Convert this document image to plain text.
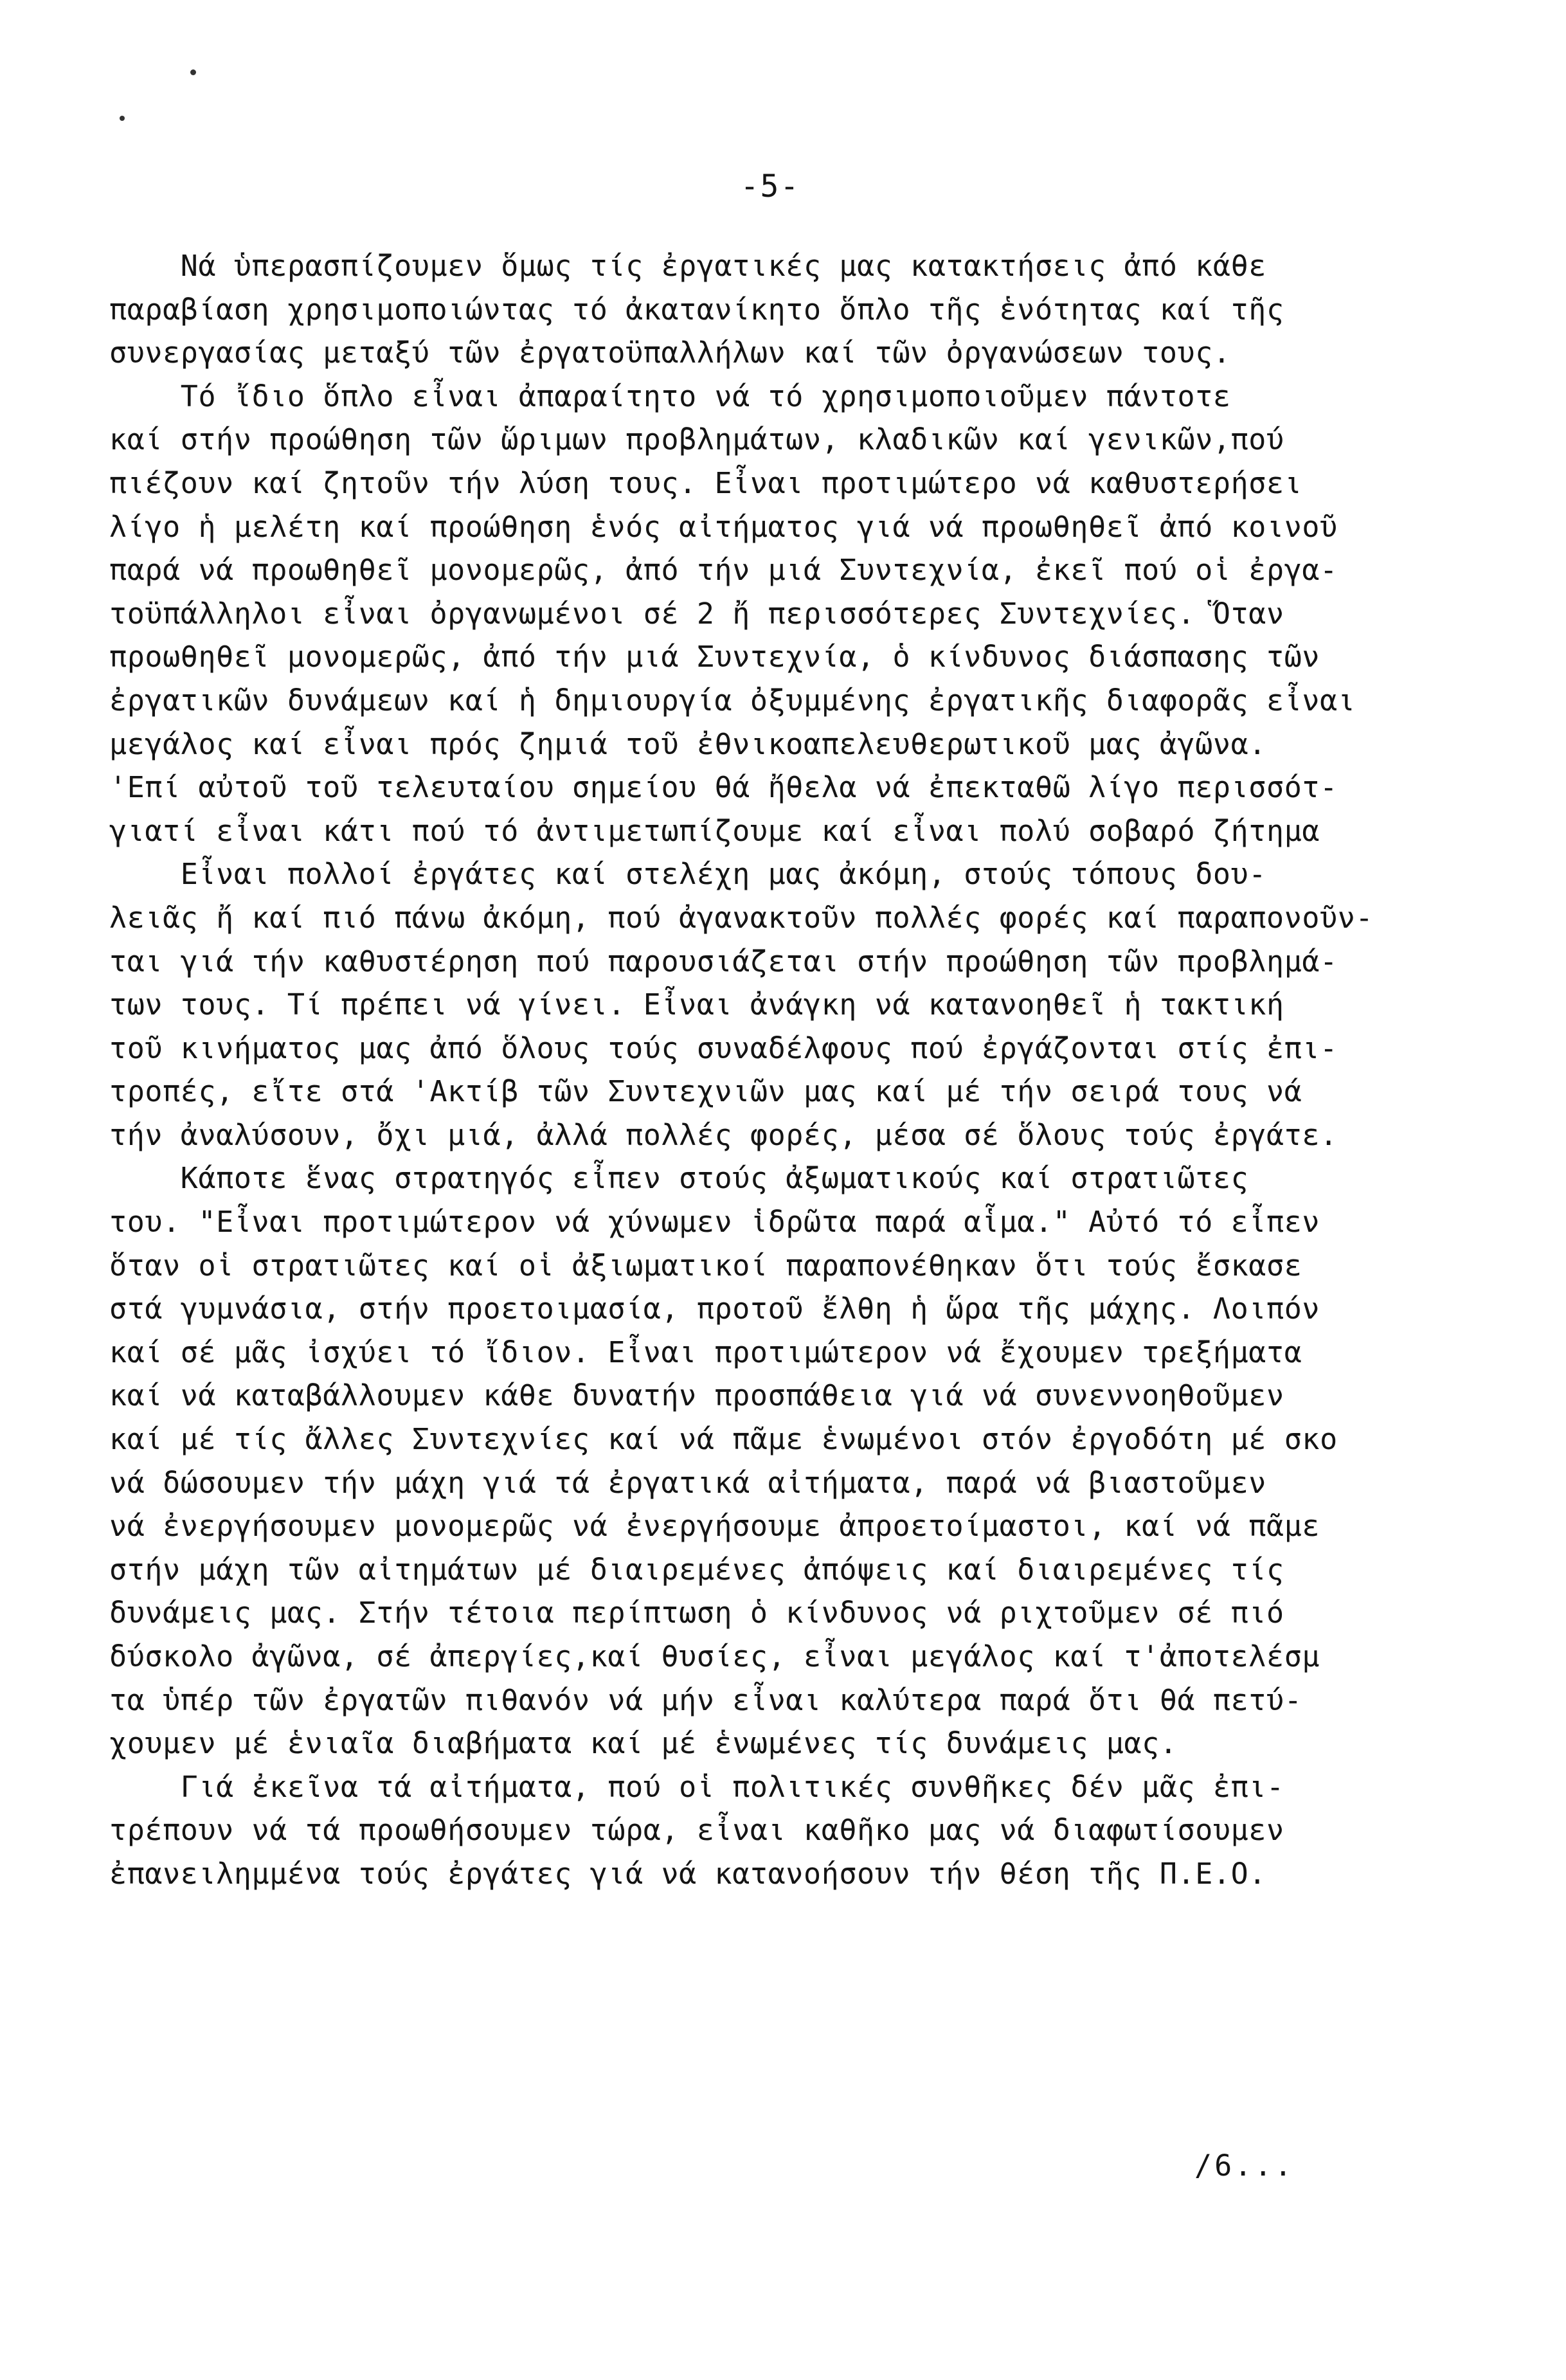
-5-
Νά ὑπερασπίζουμεν ὅμως τίς ἐργατικές μας κατακτήσεις ἀπό κάθε
παραβίαση χρησιμοποιώντας τό ἀκατανίκητο ὅπλο τῆς ἑνότητας καί τῆς
συνεργασίας μεταξύ τῶν ἐργατοϋπαλλήλων καί τῶν ὀργανώσεων τους.
Τό ἴδιο ὅπλο εἶναι ἀπαραίτητο νά τό χρησιμοποιοῦμεν πάντοτε
καί στήν προώθηση τῶν ὥριμων προβλημάτων, κλαδικῶν καί γενικῶν,πού
πιέζουν καί ζητοῦν τήν λύση τους. Εἶναι προτιμώτερο νά καθυστερήσει
λίγο ἡ μελέτη καί προώθηση ἑνός αἰτήματος γιά νά προωθηθεῖ ἀπό κοινοῦ
παρά νά προωθηθεῖ μονομερῶς, ἀπό τήν μιά Συντεχνία, ἐκεῖ πού οἱ ἐργα-
τοϋπάλληλοι εἶναι ὀργανωμένοι σέ 2 ἤ περισσότερες Συντεχνίες. Ὅταν
προωθηθεῖ μονομερῶς, ἀπό τήν μιά Συντεχνία, ὁ κίνδυνος διάσπασης τῶν
ἐργατικῶν δυνάμεων καί ἡ δημιουργία ὀξυμμένης ἐργατικῆς διαφορᾶς εἶναι
μεγάλος καί εἶναι πρός ζημιά τοῦ ἐθνικοαπελευθερωτικοῦ μας ἀγῶνα.
'Επί αὐτοῦ τοῦ τελευταίου σημείου θά ἤθελα νά ἐπεκταθῶ λίγο περισσότ-
γιατί εἶναι κάτι πού τό ἀντιμετωπίζουμε καί εἶναι πολύ σοβαρό ζήτημα
Εἶναι πολλοί ἐργάτες καί στελέχη μας ἀκόμη, στούς τόπους δου-
λειᾶς ἤ καί πιό πάνω ἀκόμη, πού ἀγανακτοῦν πολλές φορές καί παραπονοῦν-
ται γιά τήν καθυστέρηση πού παρουσιάζεται στήν προώθηση τῶν προβλημά-
των τους. Τί πρέπει νά γίνει. Εἶναι ἀνάγκη νά κατανοηθεῖ ἡ τακτική
τοῦ κινήματος μας ἀπό ὅλους τούς συναδέλφους πού ἐργάζονται στίς ἐπι-
τροπές, εἴτε στά 'Ακτίβ τῶν Συντεχνιῶν μας καί μέ τήν σειρά τους νά
τήν ἀναλύσουν, ὄχι μιά, ἀλλά πολλές φορές, μέσα σέ ὅλους τούς ἐργάτε.
Κάποτε ἕνας στρατηγός εἶπεν στούς ἀξωματικούς καί στρατιῶτες
του. "Εἶναι προτιμώτερον νά χύνωμεν ἱδρῶτα παρά αἷμα." Αὐτό τό εἶπεν
ὅταν οἱ στρατιῶτες καί οἱ ἀξιωματικοί παραπονέθηκαν ὅτι τούς ἔσκασε
στά γυμνάσια, στήν προετοιμασία, προτοῦ ἔλθη ἡ ὥρα τῆς μάχης. Λοιπόν
καί σέ μᾶς ἰσχύει τό ἴδιον. Εἶναι προτιμώτερον νά ἔχουμεν τρεξήματα
καί νά καταβάλλουμεν κάθε δυνατήν προσπάθεια γιά νά συνεννοηθοῦμεν
καί μέ τίς ἄλλες Συντεχνίες καί νά πᾶμε ἑνωμένοι στόν ἐργοδότη μέ σκο
νά δώσουμεν τήν μάχη γιά τά ἐργατικά αἰτήματα, παρά νά βιαστοῦμεν
νά ἐνεργήσουμεν μονομερῶς νά ἐνεργήσουμε ἀπροετοίμαστοι, καί νά πᾶμε
στήν μάχη τῶν αἰτημάτων μέ διαιρεμένες ἀπόψεις καί διαιρεμένες τίς
δυνάμεις μας. Στήν τέτοια περίπτωση ὁ κίνδυνος νά ριχτοῦμεν σέ πιό
δύσκολο ἀγῶνα, σέ ἀπεργίες,καί θυσίες, εἶναι μεγάλος καί τ'ἀποτελέσμ
τα ὑπέρ τῶν ἐργατῶν πιθανόν νά μήν εἶναι καλύτερα παρά ὅτι θά πετύ-
χουμεν μέ ἑνιαῖα διαβήματα καί μέ ἑνωμένες τίς δυνάμεις μας.
Γιά ἐκεῖνα τά αἰτήματα, πού οἱ πολιτικές συνθῆκες δέν μᾶς ἐπι-
τρέπουν νά τά προωθήσουμεν τώρα, εἶναι καθῆκο μας νά διαφωτίσουμεν
ἐπανειλημμένα τούς ἐργάτες γιά νά κατανοήσουν τήν θέση τῆς Π.Ε.Ο.
/6...
